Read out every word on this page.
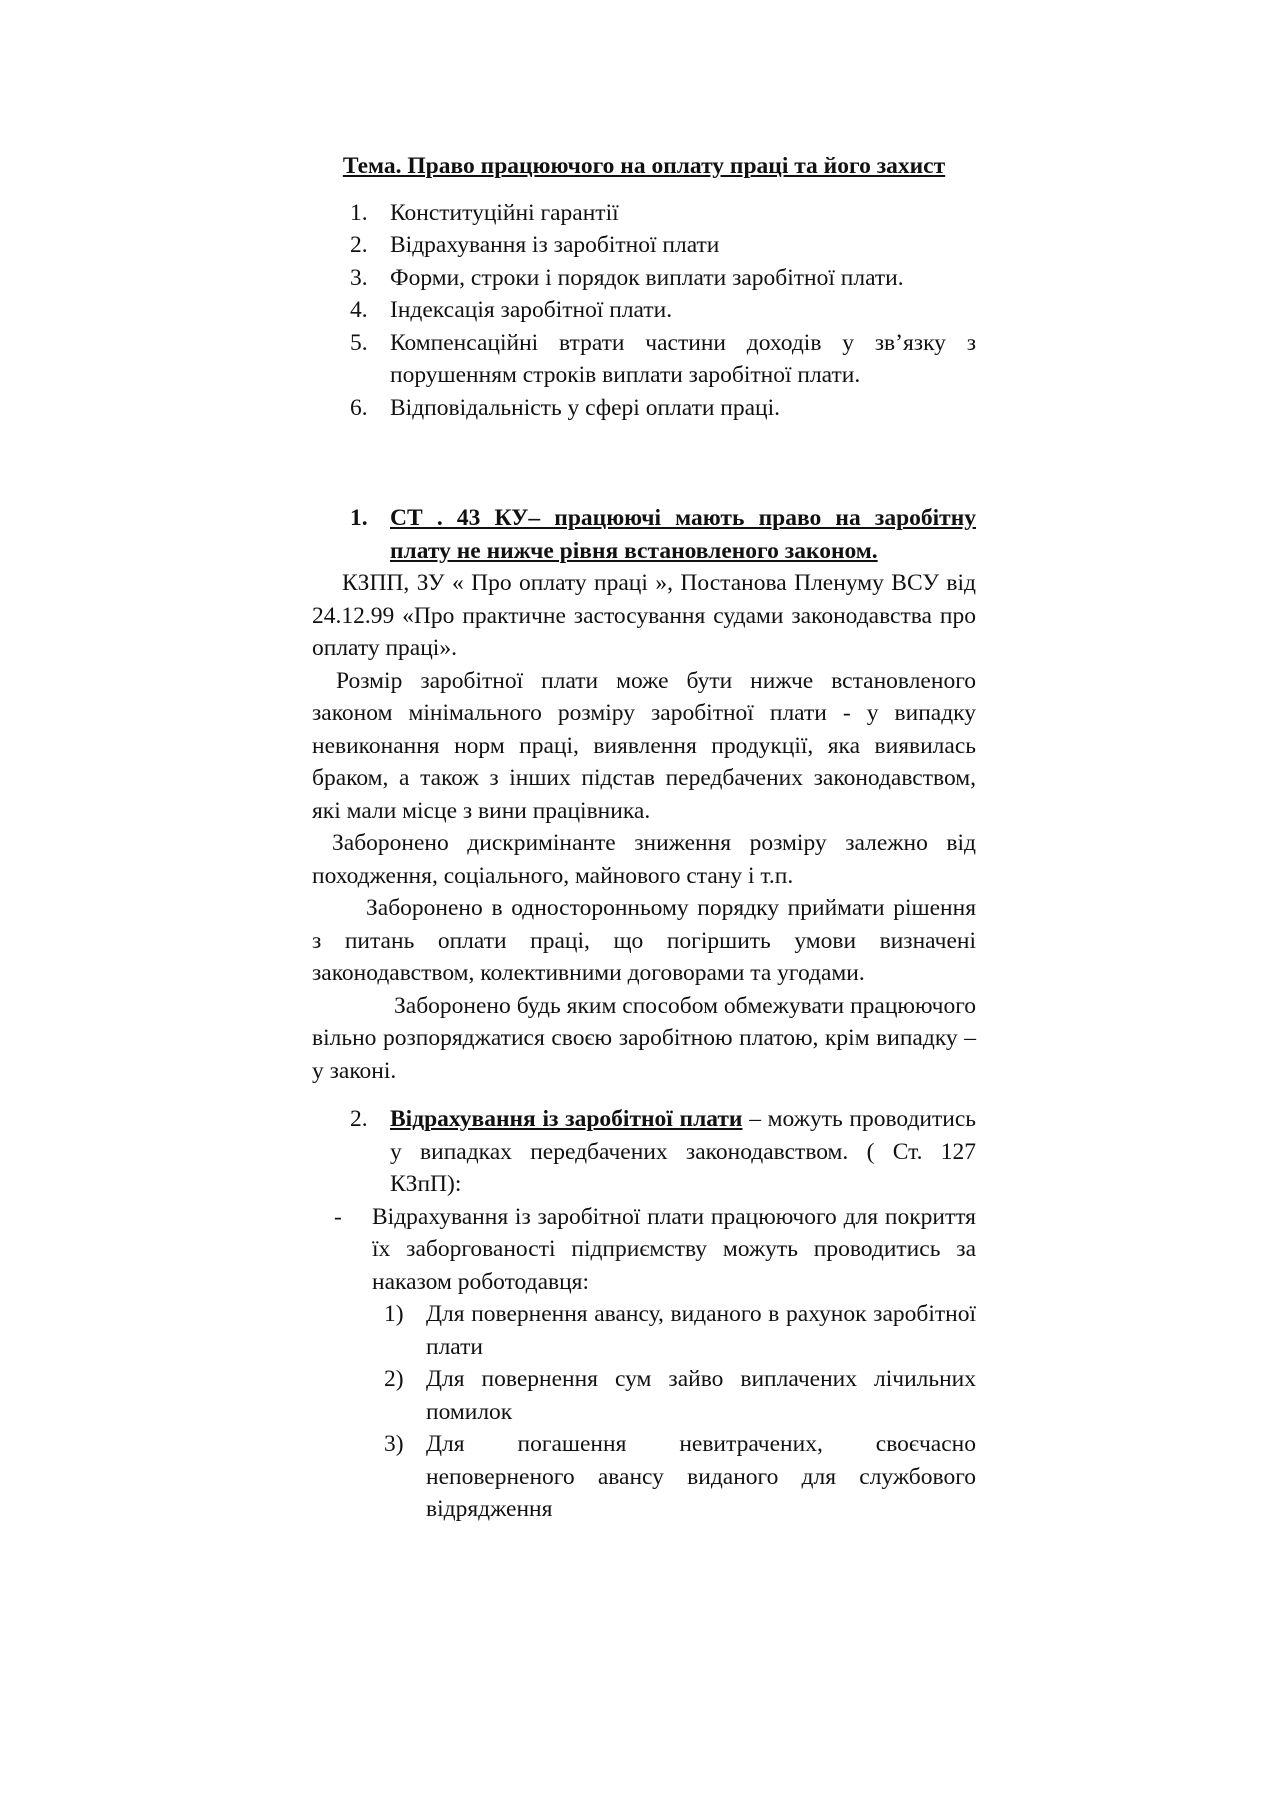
Тема. Право працюючого на оплату праці та його захист

1. Конституційні гарантії
2. Відрахування із заробітної плати
3. Форми, строки і порядок виплати заробітної плати.
4. Індексація заробітної плати.
5. Компенсаційні втрати частини доходів у зв’язку з порушенням строків виплати заробітної плати.
6. Відповідальність у сфері оплати праці.
1. СТ . 43 КУ– працюючі мають право на заробітну плату не нижче рівня встановленого законом.

КЗПП, ЗУ « Про оплату праці », Постанова Пленуму ВСУ від 24.12.99 «Про практичне застосування судами законодавства про оплату праці».

Розмір заробітної плати може бути нижче встановленого законом мінімального розміру заробітної плати - у випадку невиконання норм праці, виявлення продукції, яка виявилась браком, а також з інших підстав передбачених законодавством, які мали місце з вини працівника.

Заборонено дискримінанте зниження розміру залежно від походження, соціального, майнового стану і т.п.

Заборонено в односторонньому порядку приймати рішення з питань оплати праці, що погіршить умови визначені законодавством, колективними договорами та угодами.

Заборонено будь яким способом обмежувати працюючого вільно розпоряджатися своєю заробітною платою, крім випадку – у законі.

2. Відрахування із заробітної плати – можуть проводитись у випадках передбачених законодавством. ( Ст. 127 КЗпП):
- Відрахування із заробітної плати працюючого для покриття їх заборгованості підприємству можуть проводитись за наказом роботодавця:
1) Для повернення авансу, виданого в рахунок заробітної плати
2) Для повернення сум зайво виплачених лічильних помилок
3) Для погашення невитрачених, своєчасно неповерненого авансу виданого для службового відрядження
